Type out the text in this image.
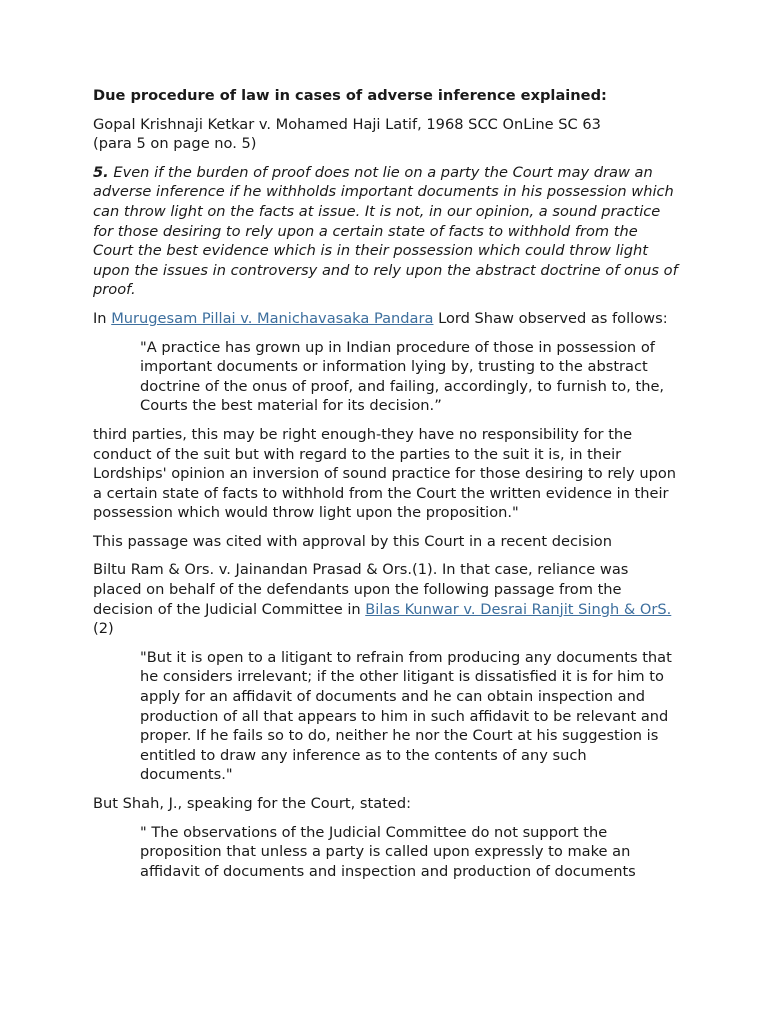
Due procedure of law in cases of adverse inference explained:

Gopal Krishnaji Ketkar v. Mohamed Haji Latif, 1968 SCC OnLine SC 63
(para 5 on page no. 5)

5. Even if the burden of proof does not lie on a party the Court may draw an adverse inference if he withholds important documents in his possession which can throw light on the facts at issue. It is not, in our opinion, a sound practice for those desiring to rely upon a certain state of facts to withhold from the Court the best evidence which is in their possession which could throw light upon the issues in controversy and to rely upon the abstract doctrine of onus of proof.

In Murugesam Pillai v. Manichavasaka Pandara Lord Shaw observed as follows:

"A practice has grown up in Indian procedure of those in possession of important documents or information lying by, trusting to the abstract doctrine of the onus of proof, and failing, accordingly, to furnish to, the, Courts the best material for its decision.”

third parties, this may be right enough-they have no responsibility for the conduct of the suit but with regard to the parties to the suit it is, in their Lordships' opinion an inversion of sound practice for those desiring to rely upon a certain state of facts to withhold from the Court the written evidence in their possession which would throw light upon the proposition."

This passage was cited with approval by this Court in a recent decision

Biltu Ram & Ors. v. Jainandan Prasad & Ors.(1). In that case, reliance was placed on behalf of the defendants upon the following passage from the decision of the Judicial Committee in Bilas Kunwar v. Desrai Ranjit Singh & OrS.(2)

"But it is open to a litigant to refrain from producing any documents that he considers irrelevant; if the other litigant is dissatisfied it is for him to apply for an affidavit of documents and he can obtain inspection and production of all that appears to him in such affidavit to be relevant and proper. If he fails so to do, neither he nor the Court at his suggestion is entitled to draw any inference as to the contents of any such documents."

But Shah, J., speaking for the Court, stated:

" The observations of the Judicial Committee do not support the proposition that unless a party is called upon expressly to make an affidavit of documents and inspection and production of documents
